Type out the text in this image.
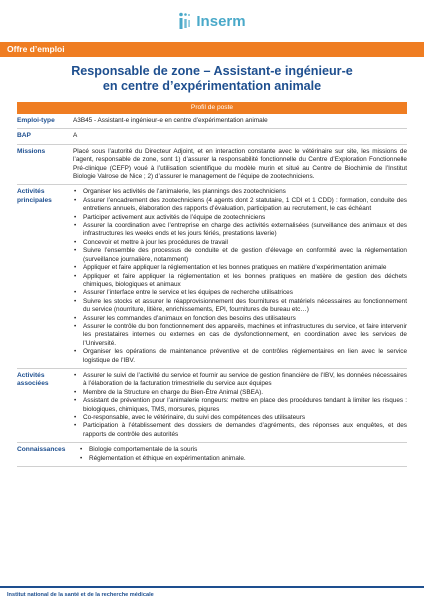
Inserm
Offre d’emploi
Responsable de zone – Assistant-e ingénieur-e
en centre d’expérimentation animale
Profil de poste
Emploi-type	A3B45 - Assistant-e ingénieur-e en centre d’expérimentation animale
BAP	A
Missions	Placé sous l’autorité du Directeur Adjoint, et en interaction constante avec le vétérinaire sur site, les missions de l’agent, responsable de zone, sont 1) d’assurer la responsabilité fonctionnelle du Centre d’Exploration Fonctionnelle Pré-clinique (CEFP) voué à l’utilisation scientifique du modèle murin et situé au Centre de Biochimie de l’Institut Biologie Valrose de Nice ; 2) d’assurer le management de l’équipe de zootechniciens.
Activités
principales
• Organiser les activités de l’animalerie, les plannings des zootechniciens
• Assurer l’encadrement des zootechniciens (4 agents dont 2 statutaire, 1 CDI et 1 CDD) : formation, conduite des entretiens annuels, élaboration des rapports d’évaluation, participation au recrutement, le cas échéant
• Participer activement aux activités de l’équipe de zootechniciens
• Assurer la coordination avec l’entreprise en charge des activités externalisées (surveillance des animaux et des infrastructures les weeks ends et les jours fériés, prestations laverie)
• Concevoir et mettre à jour les procédures de travail
• Suivre l’ensemble des processus de conduite et de gestion d’élevage en conformité avec la réglementation (surveillance journalière, notamment)
• Appliquer et faire appliquer la réglementation et les bonnes pratiques en matière d’expérimentation animale
• Appliquer et faire appliquer la réglementation et les bonnes pratiques en matière de gestion des déchets chimiques, biologiques et animaux
• Assurer l’interface entre le service et les équipes de recherche utilisatrices
• Suivre les stocks et assurer le réapprovisionnement des fournitures et matériels nécessaires au fonctionnement du service (nourriture, litière, enrichissements, EPI, fournitures de bureau etc…)
• Assurer les commandes d’animaux en fonction des besoins des utilisateurs
• Assurer le contrôle du bon fonctionnement des appareils, machines et infrastructures du service, et faire intervenir les prestataires internes ou externes en cas de dysfonctionnement, en coordination avec les services de l’Université.
• Organiser les opérations de maintenance préventive et de contrôles réglementaires en lien avec le service logistique de l’IBV.
Activités
associées
• Assurer le suivi de l’activité du service et fournir au service de gestion financière de l’IBV, les données nécessaires à l’élaboration de la facturation trimestrielle du service aux équipes
• Membre de la Structure en charge du Bien-Être Animal (SBEA).
• Assistant de prévention pour l’animalerie rongeurs: mettre en place des procédures tendant à limiter les risques : biologiques, chimiques, TMS, morsures, piqures
• Co-responsable, avec le vétérinaire, du suivi des compétences des utilisateurs
• Participation à l’établissement des dossiers de demandes d’agréments, des réponses aux enquêtes, et des rapports de contrôle des autorités
Connaissances
•	Biologie comportementale de la souris
• Réglementation et éthique en expérimentation animale.
Institut national de la santé et de la recherche médicale
